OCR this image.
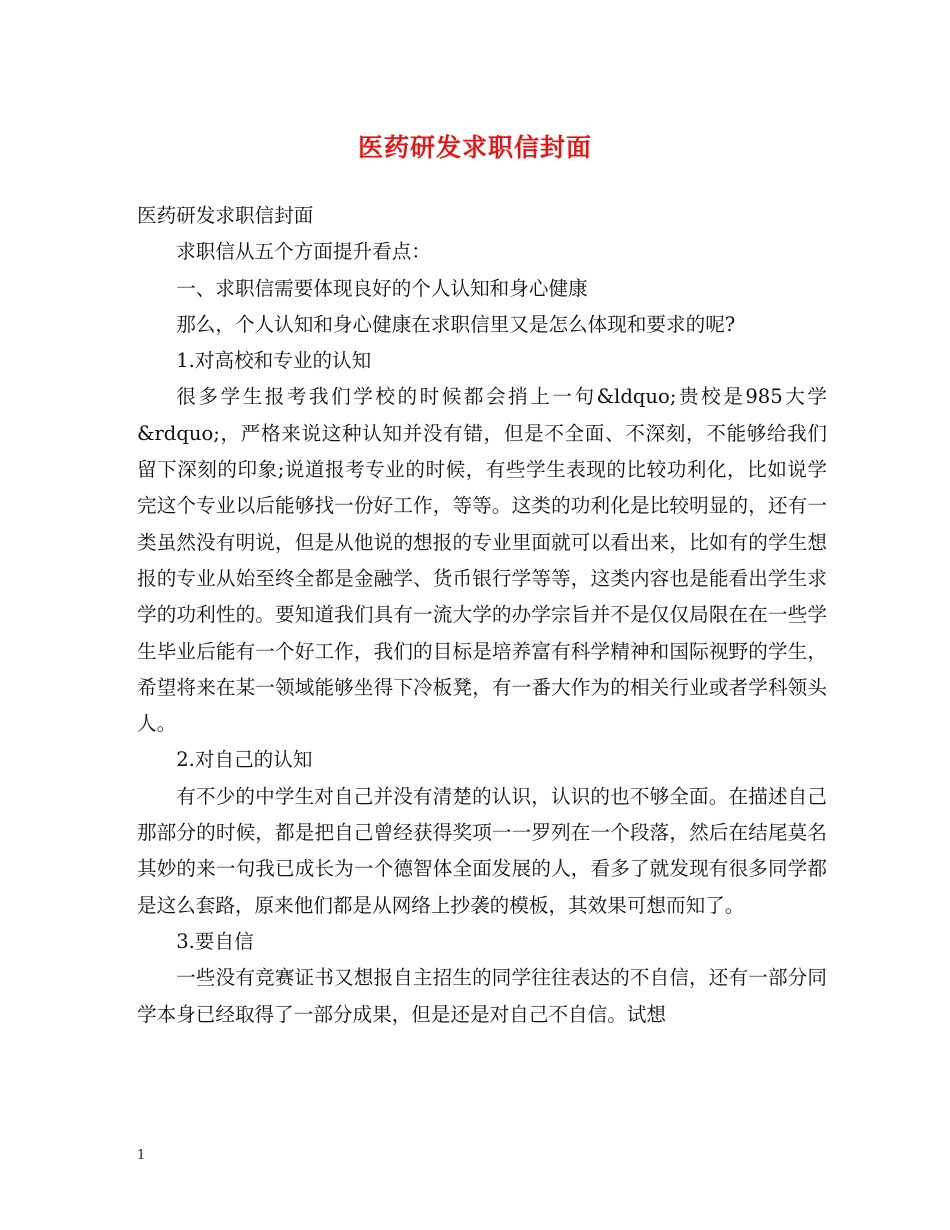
医药研发求职信封面

医药研发求职信封面

求职信从五个方面提升看点：

一、求职信需要体现良好的个人认知和身心健康

那么，个人认知和身心健康在求职信里又是怎么体现和要求的呢?

1.对高校和专业的认知

很多学生报考我们学校的时候都会捎上一句&ldquo;贵校是985大学&rdquo;，严格来说这种认知并没有错，但是不全面、不深刻，不能够给我们留下深刻的印象;说道报考专业的时候，有些学生表现的比较功利化，比如说学完这个专业以后能够找一份好工作，等等。这类的功利化是比较明显的，还有一类虽然没有明说，但是从他说的想报的专业里面就可以看出来，比如有的学生想报的专业从始至终全都是金融学、货币银行学等等，这类内容也是能看出学生求学的功利性的。要知道我们具有一流大学的办学宗旨并不是仅仅局限在在一些学生毕业后能有一个好工作，我们的目标是培养富有科学精神和国际视野的学生，希望将来在某一领域能够坐得下冷板凳，有一番大作为的相关行业或者学科领头人。

2.对自己的认知

有不少的中学生对自己并没有清楚的认识，认识的也不够全面。在描述自己那部分的时候，都是把自己曾经获得奖项一一罗列在一个段落，然后在结尾莫名其妙的来一句我已成长为一个德智体全面发展的人，看多了就发现有很多同学都是这么套路，原来他们都是从网络上抄袭的模板，其效果可想而知了。

3.要自信

一些没有竞赛证书又想报自主招生的同学往往表达的不自信，还有一部分同学本身已经取得了一部分成果，但是还是对自己不自信。试想

1
